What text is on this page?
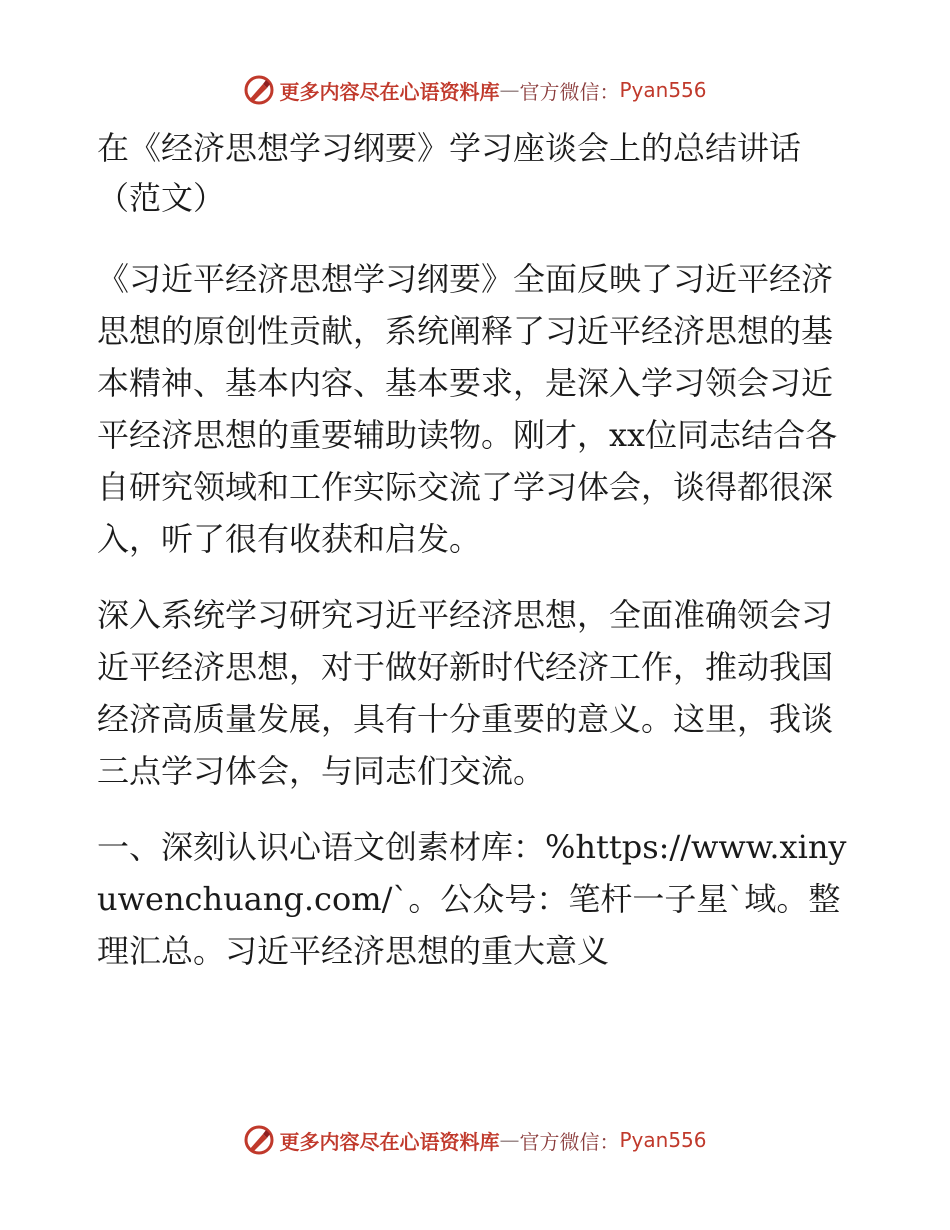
更多内容尽在心语资料库 — 官方微信： Pyan556
在《经济思想学习纲要》学习座谈会上的总结讲话（范文）

《习近平经济思想学习纲要》全面反映了习近平经济思想的原创性贡献，系统阐释了习近平经济思想的基本精神、基本内容、基本要求，是深入学习领会习近平经济思想的重要辅助读物。刚才，xx位同志结合各自研究领域和工作实际交流了学习体会，谈得都很深入，听了很有收获和启发。

深入系统学习研究习近平经济思想，全面准确领会习近平经济思想，对于做好新时代经济工作，推动我国经济高质量发展，具有十分重要的意义。这里，我谈三点学习体会，与同志们交流。

一、深刻认识心语文创素材库：%https://www.xinyuwenchuang.com/`。公众号：笔杆一子星`域。整理汇总。习近平经济思想的重大意义

更多内容尽在心语资料库 — 官方微信： Pyan556
